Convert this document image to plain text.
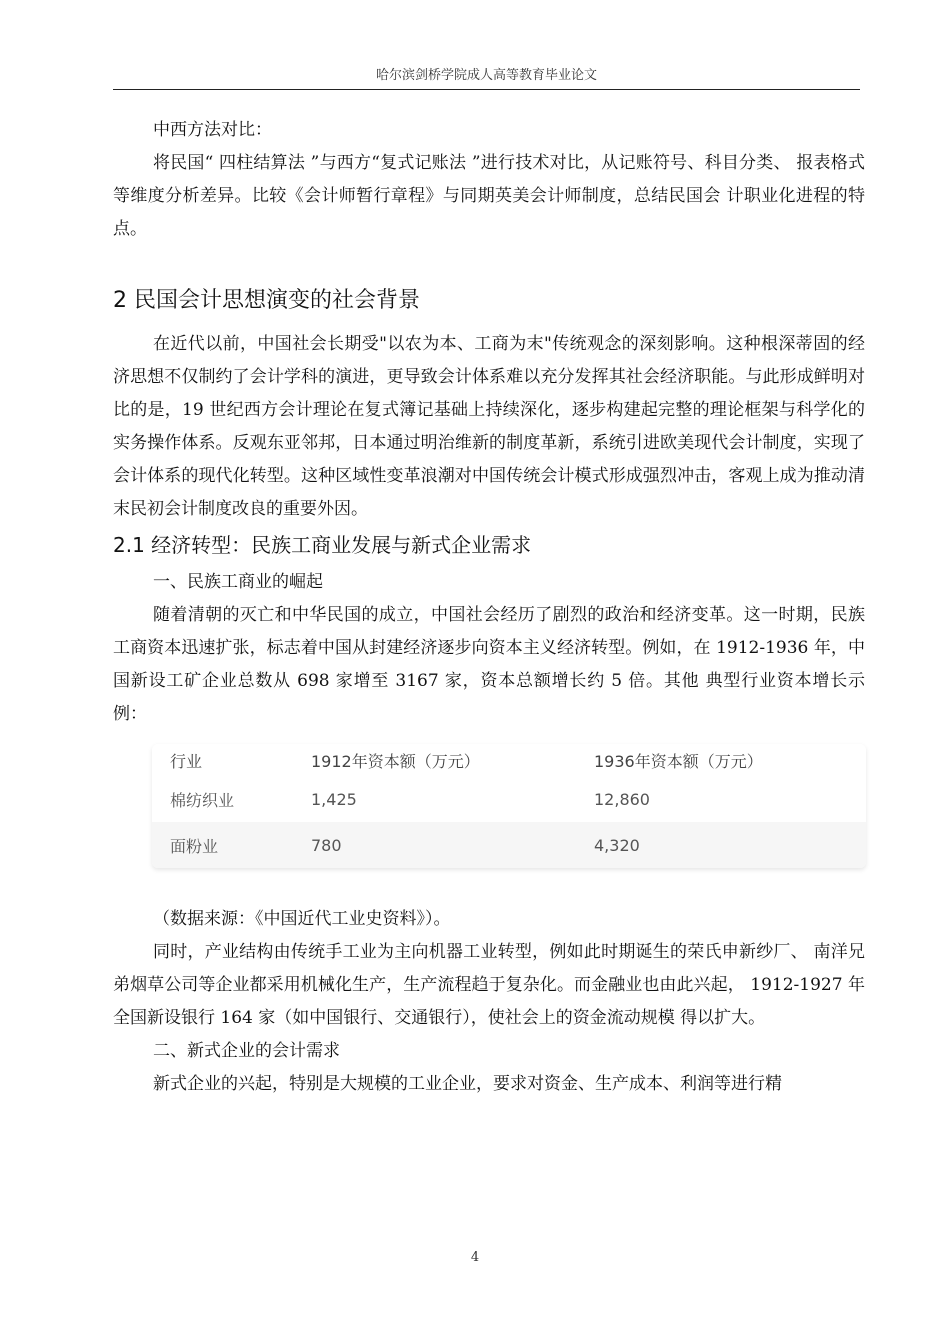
哈尔滨剑桥学院成人高等教育毕业论文

中西方法对比：

将民国“ 四柱结算法 ”与西方“复式记账法 ”进行技术对比，从记账符号、科目分类、 报表格式等维度分析差异。比较《会计师暂行章程》与同期英美会计师制度，总结民国会 计职业化进程的特点。

2 民国会计思想演变的社会背景

在近代以前，中国社会长期受"以农为本、工商为末"传统观念的深刻影响。这种根深蒂固的经济思想不仅制约了会计学科的演进，更导致会计体系难以充分发挥其社会经济职能。与此形成鲜明对比的是，19 世纪西方会计理论在复式簿记基础上持续深化，逐步构建起完整的理论框架与科学化的实务操作体系。反观东亚邻邦，日本通过明治维新的制度革新，系统引进欧美现代会计制度，实现了会计体系的现代化转型。这种区域性变革浪潮对中国传统会计模式形成强烈冲击，客观上成为推动清末民初会计制度改良的重要外因。

2.1 经济转型：民族工商业发展与新式企业需求

一、民族工商业的崛起

随着清朝的灭亡和中华民国的成立，中国社会经历了剧烈的政治和经济变革。这一时期，民族工商资本迅速扩张，标志着中国从封建经济逐步向资本主义经济转型。例如，在 1912-1936 年，中国新设工矿企业总数从 698 家增至 3167 家，资本总额增长约 5 倍。其他 典型行业资本增长示例：

行业	1912年资本额（万元）	1936年资本额（万元）
棉纺织业	1,425	12,860
面粉业	780	4,320

（数据来源：《中国近代工业史资料》）。

同时，产业结构由传统手工业为主向机器工业转型，例如此时期诞生的荣氏申新纱厂、 南洋兄弟烟草公司等企业都采用机械化生产，生产流程趋于复杂化。而金融业也由此兴起， 1912-1927 年全国新设银行 164 家（如中国银行、交通银行），使社会上的资金流动规模 得以扩大。

二、新式企业的会计需求

新式企业的兴起，特别是大规模的工业企业，要求对资金、生产成本、利润等进行精

4
